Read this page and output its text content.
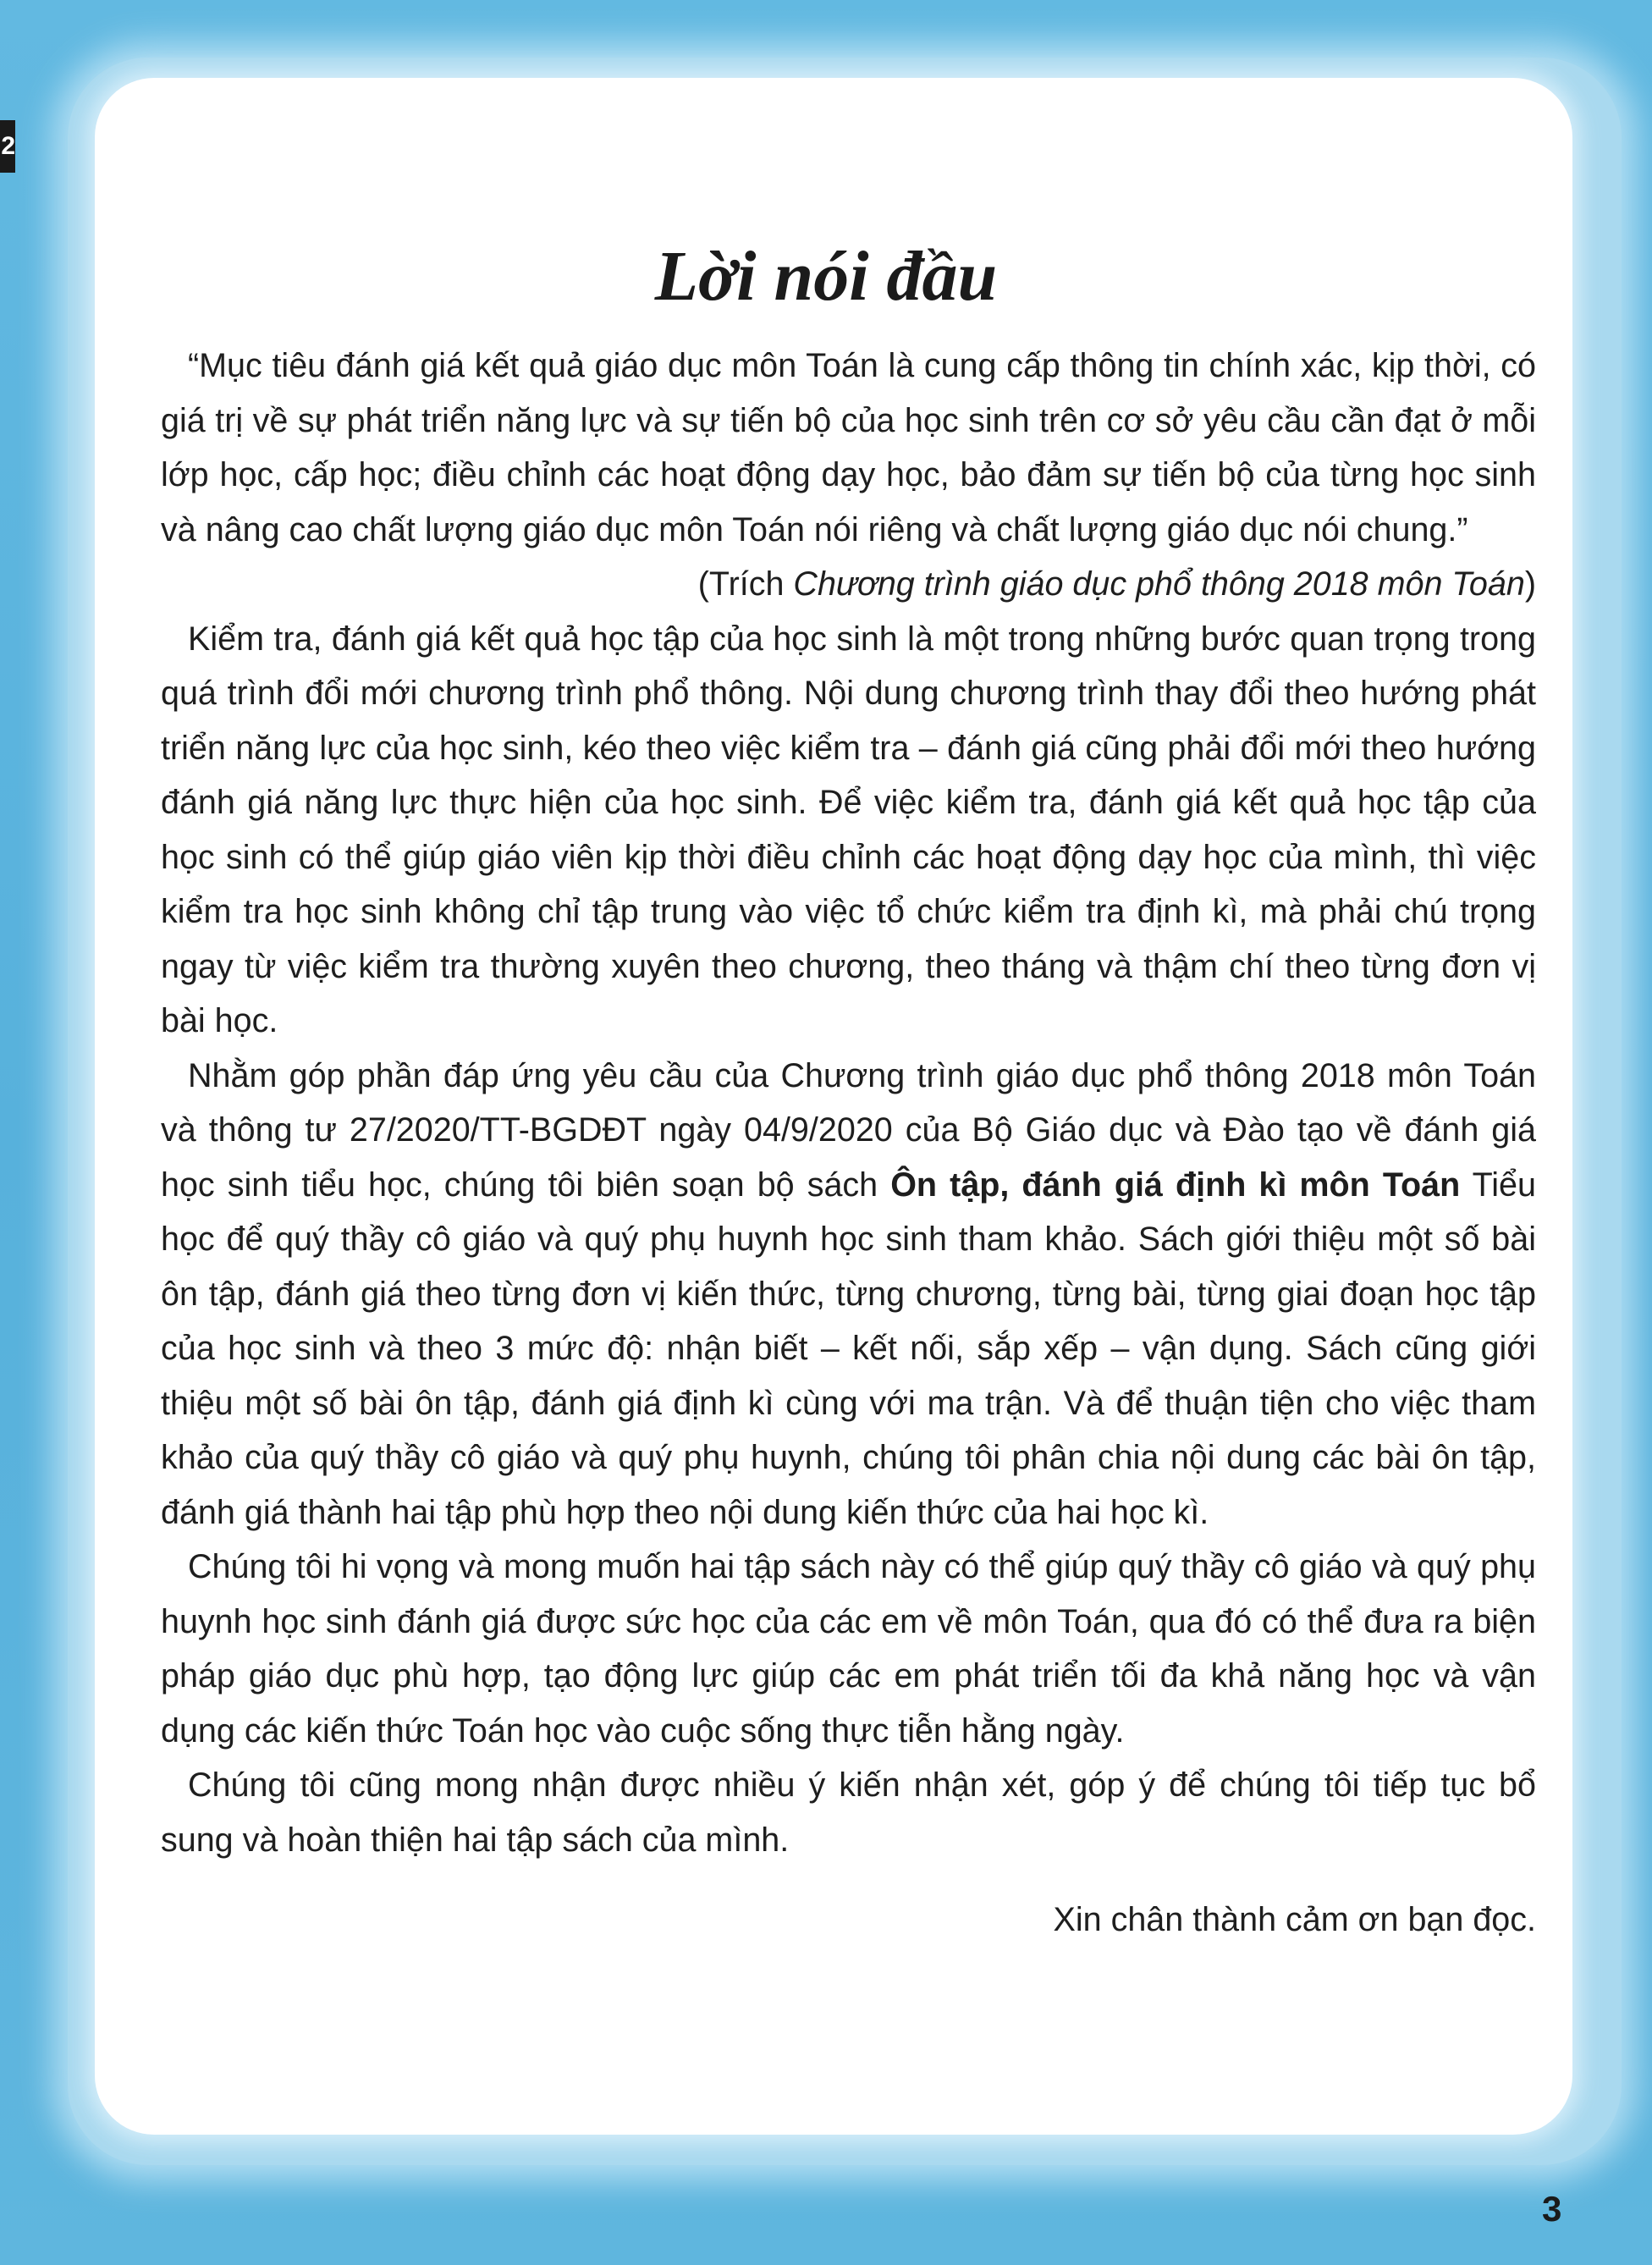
2
Lời nói đầu

“Mục tiêu đánh giá kết quả giáo dục môn Toán là cung cấp thông tin chính xác, kịp thời, có giá trị về sự phát triển năng lực và sự tiến bộ của học sinh trên cơ sở yêu cầu cần đạt ở mỗi lớp học, cấp học; điều chỉnh các hoạt động dạy học, bảo đảm sự tiến bộ của từng học sinh và nâng cao chất lượng giáo dục môn Toán nói riêng và chất lượng giáo dục nói chung.”

(Trích Chương trình giáo dục phổ thông 2018 môn Toán)

Kiểm tra, đánh giá kết quả học tập của học sinh là một trong những bước quan trọng trong quá trình đổi mới chương trình phổ thông. Nội dung chương trình thay đổi theo hướng phát triển năng lực của học sinh, kéo theo việc kiểm tra – đánh giá cũng phải đổi mới theo hướng đánh giá năng lực thực hiện của học sinh. Để việc kiểm tra, đánh giá kết quả học tập của học sinh có thể giúp giáo viên kịp thời điều chỉnh các hoạt động dạy học của mình, thì việc kiểm tra học sinh không chỉ tập trung vào việc tổ chức kiểm tra định kì, mà phải chú trọng ngay từ việc kiểm tra thường xuyên theo chương, theo tháng và thậm chí theo từng đơn vị bài học.

Nhằm góp phần đáp ứng yêu cầu của Chương trình giáo dục phổ thông 2018 môn Toán và thông tư 27/2020/TT-BGDĐT ngày 04/9/2020 của Bộ Giáo dục và Đào tạo về đánh giá học sinh tiểu học, chúng tôi biên soạn bộ sách Ôn tập, đánh giá định kì môn Toán Tiểu học để quý thầy cô giáo và quý phụ huynh học sinh tham khảo. Sách giới thiệu một số bài ôn tập, đánh giá theo từng đơn vị kiến thức, từng chương, từng bài, từng giai đoạn học tập của học sinh và theo 3 mức độ: nhận biết – kết nối, sắp xếp – vận dụng. Sách cũng giới thiệu một số bài ôn tập, đánh giá định kì cùng với ma trận. Và để thuận tiện cho việc tham khảo của quý thầy cô giáo và quý phụ huynh, chúng tôi phân chia nội dung các bài ôn tập, đánh giá thành hai tập phù hợp theo nội dung kiến thức của hai học kì.

Chúng tôi hi vọng và mong muốn hai tập sách này có thể giúp quý thầy cô giáo và quý phụ huynh học sinh đánh giá được sức học của các em về môn Toán, qua đó có thể đưa ra biện pháp giáo dục phù hợp, tạo động lực giúp các em phát triển tối đa khả năng học và vận dụng các kiến thức Toán học vào cuộc sống thực tiễn hằng ngày.

Chúng tôi cũng mong nhận được nhiều ý kiến nhận xét, góp ý để chúng tôi tiếp tục bổ sung và hoàn thiện hai tập sách của mình.

Xin chân thành cảm ơn bạn đọc.

3
